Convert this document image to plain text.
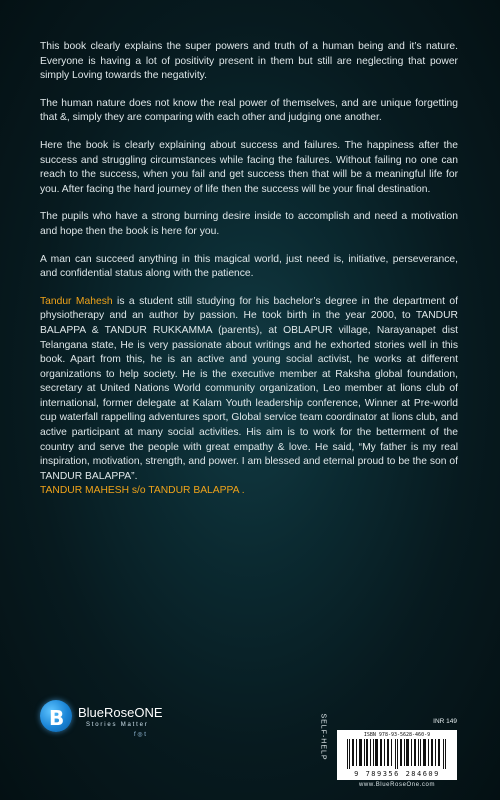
This book clearly explains the super powers and truth of a human being and it’s nature. Everyone is having a lot of positivity present in them but still are neglecting that power simply Loving towards the negativity.

The human nature does not know the real power of themselves, and are unique forgetting that &, simply they are comparing with each other and judging one another.

Here the book is clearly explaining about success and failures. The happiness after the success and struggling circumstances while facing the failures. Without failing no one can reach to the success, when you fail and get success then that will be a meaningful life for you. After facing the hard journey of life then the success will be your final destination.

The pupils who have a strong burning desire inside to accomplish and need a motivation and hope then the book is here for you.

A man can succeed anything in this magical world, just need is, initiative, perseverance, and confidential status along with the patience.

Tandur Mahesh is a student still studying for his bachelor’s degree in the department of physiotherapy and an author by passion. He took birth in the year 2000, to TANDUR BALAPPA & TANDUR RUKKAMMA (parents), at OBLAPUR village, Narayanapet dist Telangana state, He is very passionate about writings and he exhorted stories well in this book. Apart from this, he is an active and young social activist, he works at different organizations to help society. He is the executive member at Raksha global foundation, secretary at United Nations World community organization, Leo member at lions club of international, former delegate at Kalam Youth leadership conference, Winner at Pre-world cup waterfall rappelling adventures sport, Global service team coordinator at lions club, and active participant at many social activities. His aim is to work for the betterment of the country and serve the people with great empathy & love. He said, “My father is my real inspiration, motivation, strength, and power. I am blessed and eternal proud to be the son of TANDUR BALAPPA”.

TANDUR MAHESH s/o TANDUR BALAPPA .

B BlueRoseONE
Stories Matter
f ◎ t
INR 149
SELF-HELP	ISBN 978-93-5628-460-9
9 789356 284609
www.BlueRoseOne.com
